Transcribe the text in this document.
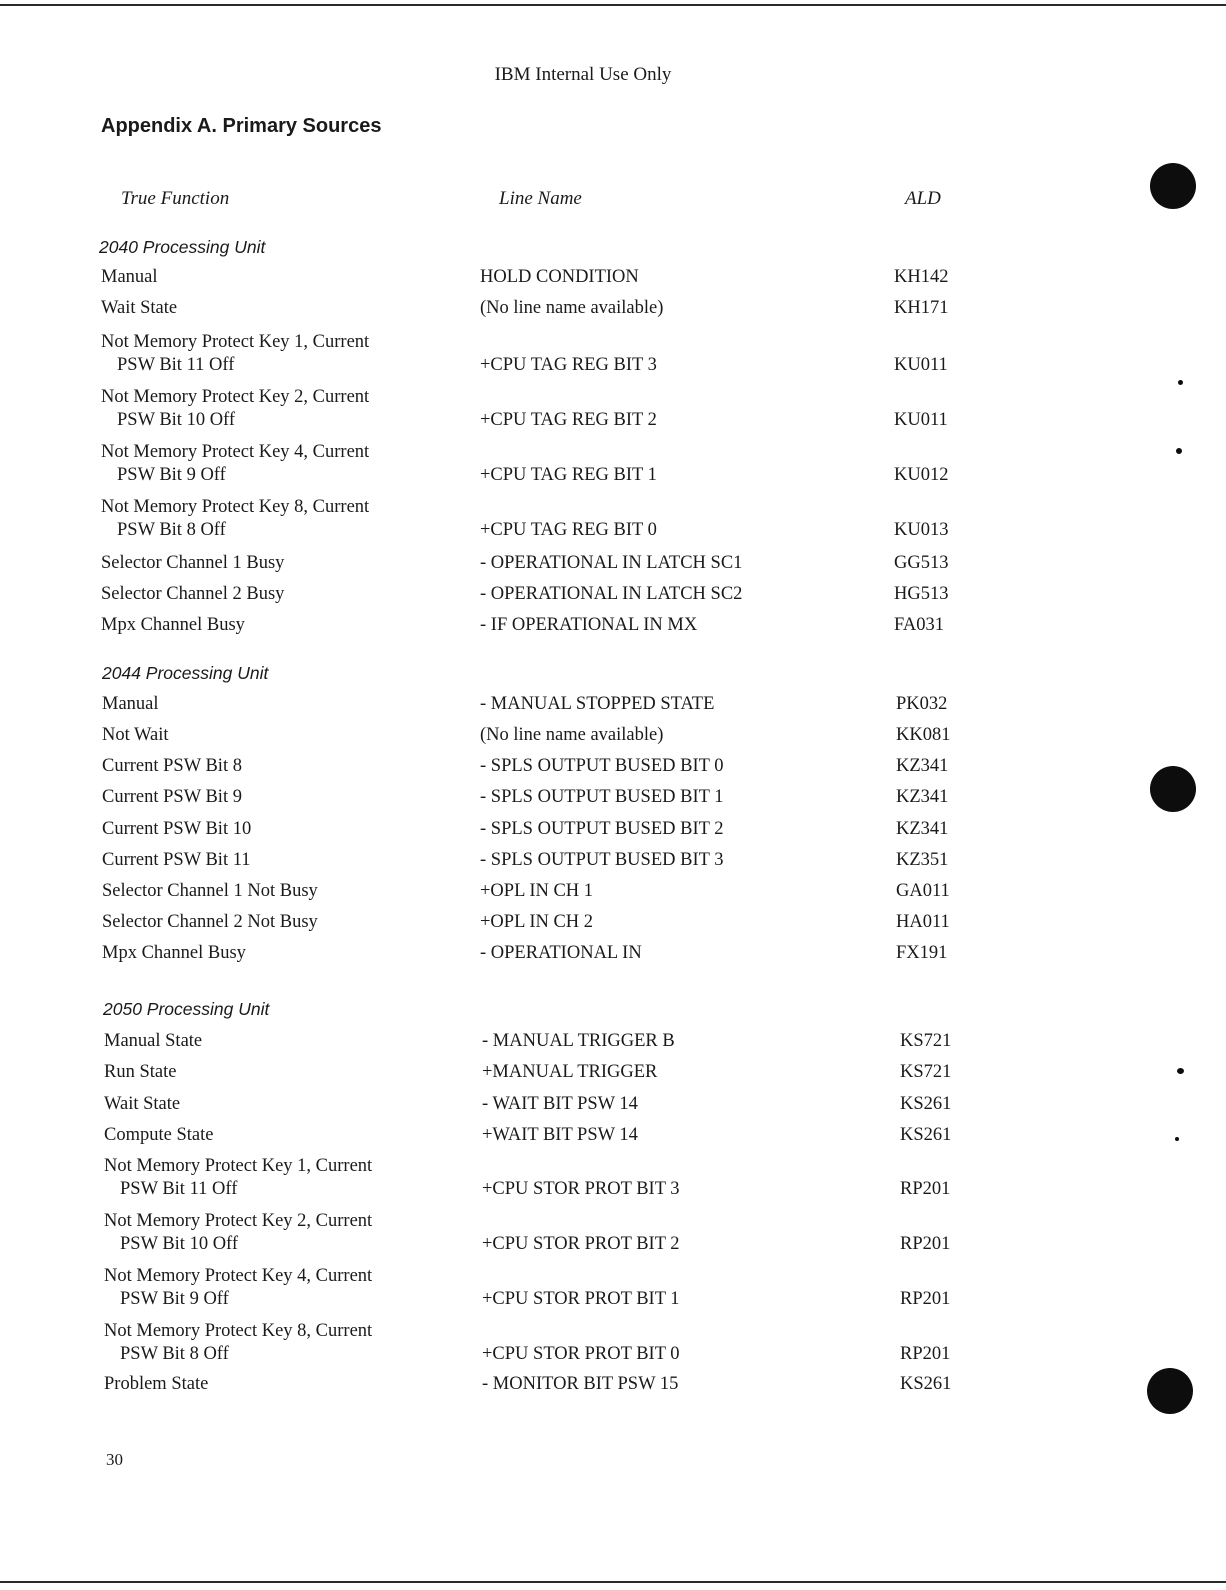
IBM Internal Use Only
Appendix A. Primary Sources
True Function	Line Name	ALD
2040 Processing Unit
Manual	HOLD CONDITION	KH142
Wait State	(No line name available)	KH171
Not Memory Protect Key 1, Current
PSW Bit 11 Off	+CPU TAG REG BIT 3	KU011
Not Memory Protect Key 2, Current
PSW Bit 10 Off	+CPU TAG REG BIT 2	KU011
Not Memory Protect Key 4, Current
PSW Bit 9 Off	+CPU TAG REG BIT 1	KU012
Not Memory Protect Key 8, Current
PSW Bit 8 Off	+CPU TAG REG BIT 0	KU013
Selector Channel 1 Busy	- OPERATIONAL IN LATCH SC1	GG513
Selector Channel 2 Busy	- OPERATIONAL IN LATCH SC2	HG513
Mpx Channel Busy	- IF OPERATIONAL IN MX	FA031
2044 Processing Unit
Manual	- MANUAL STOPPED STATE	PK032
Not Wait	(No line name available)	KK081
Current PSW Bit 8	- SPLS OUTPUT BUSED BIT 0	KZ341
Current PSW Bit 9	- SPLS OUTPUT BUSED BIT 1	KZ341
Current PSW Bit 10	- SPLS OUTPUT BUSED BIT 2	KZ341
Current PSW Bit 11	- SPLS OUTPUT BUSED BIT 3	KZ351
Selector Channel 1 Not Busy	+OPL IN CH 1	GA011
Selector Channel 2 Not Busy	+OPL IN CH 2	HA011
Mpx Channel Busy	- OPERATIONAL IN	FX191
2050 Processing Unit
Manual State	- MANUAL TRIGGER B	KS721
Run State	+MANUAL TRIGGER	KS721
Wait State	- WAIT BIT PSW 14	KS261
Compute State	+WAIT BIT PSW 14	KS261
Not Memory Protect Key 1, Current
PSW Bit 11 Off	+CPU STOR PROT BIT 3	RP201
Not Memory Protect Key 2, Current
PSW Bit 10 Off	+CPU STOR PROT BIT 2	RP201
Not Memory Protect Key 4, Current
PSW Bit 9 Off	+CPU STOR PROT BIT 1	RP201
Not Memory Protect Key 8, Current
PSW Bit 8 Off	+CPU STOR PROT BIT 0	RP201
Problem State	- MONITOR BIT PSW 15	KS261
30
